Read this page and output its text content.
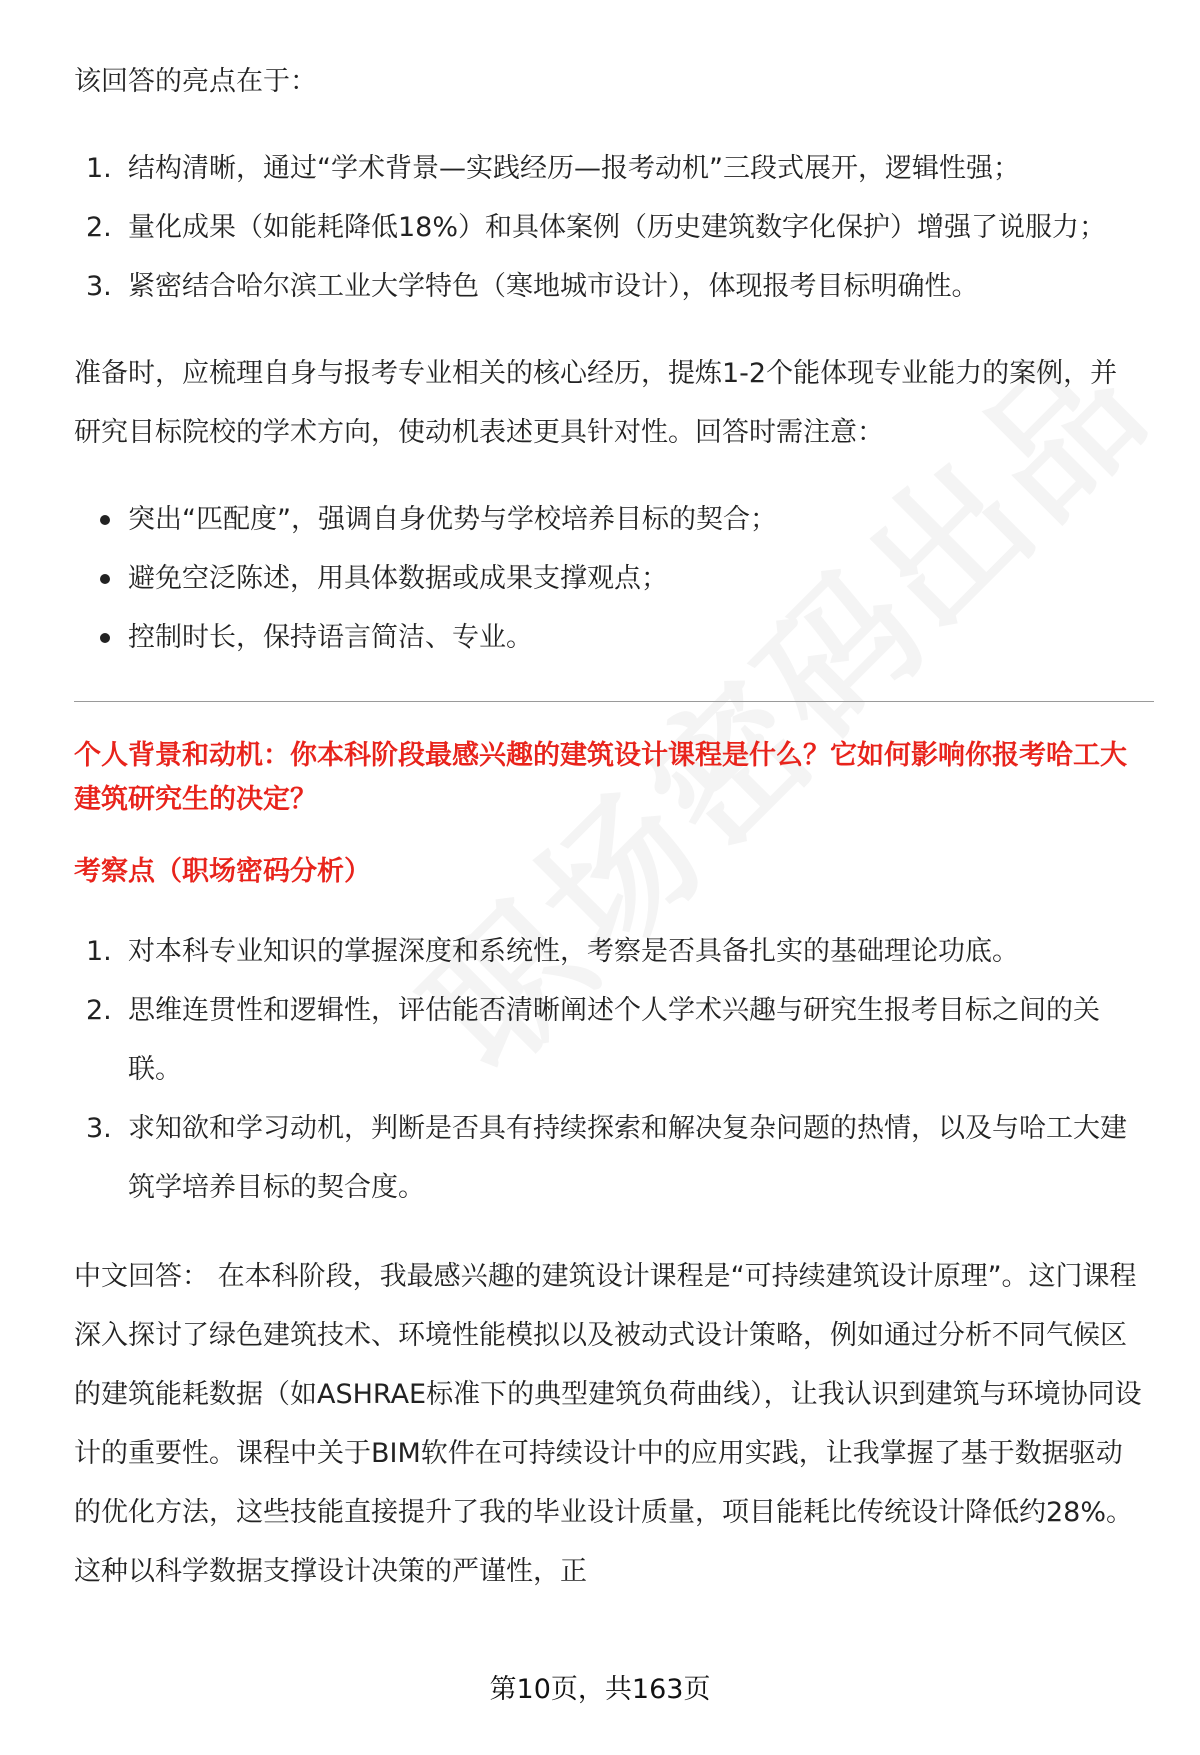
该回答的亮点在于：

1. 结构清晰，通过“学术背景—实践经历—报考动机”三段式展开，逻辑性强；
2. 量化成果（如能耗降低18%）和具体案例（历史建筑数字化保护）增强了说服力；
3. 紧密结合哈尔滨工业大学特色（寒地城市设计），体现报考目标明确性。

准备时，应梳理自身与报考专业相关的核心经历，提炼1-2个能体现专业能力的案例，并研究目标院校的学术方向，使动机表述更具针对性。回答时需注意：

突出“匹配度”，强调自身优势与学校培养目标的契合；
避免空泛陈述，用具体数据或成果支撑观点；
控制时长，保持语言简洁、专业。
个人背景和动机：你本科阶段最感兴趣的建筑设计课程是什么？它如何影响你报考哈工大建筑研究生的决定？
考察点（职场密码分析）
1. 对本科专业知识的掌握深度和系统性，考察是否具备扎实的基础理论功底。
2. 思维连贯性和逻辑性，评估能否清晰阐述个人学术兴趣与研究生报考目标之间的关联。
3. 求知欲和学习动机，判断是否具有持续探索和解决复杂问题的热情，以及与哈工大建筑学培养目标的契合度。

中文回答： 在本科阶段，我最感兴趣的建筑设计课程是“可持续建筑设计原理”。这门课程深入探讨了绿色建筑技术、环境性能模拟以及被动式设计策略，例如通过分析不同气候区的建筑能耗数据（如ASHRAE标准下的典型建筑负荷曲线），让我认识到建筑与环境协同设计的重要性。课程中关于BIM软件在可持续设计中的应用实践，让我掌握了基于数据驱动的优化方法，这些技能直接提升了我的毕业设计质量，项目能耗比传统设计降低约28%。这种以科学数据支撑设计决策的严谨性，正

第10页，共163页
